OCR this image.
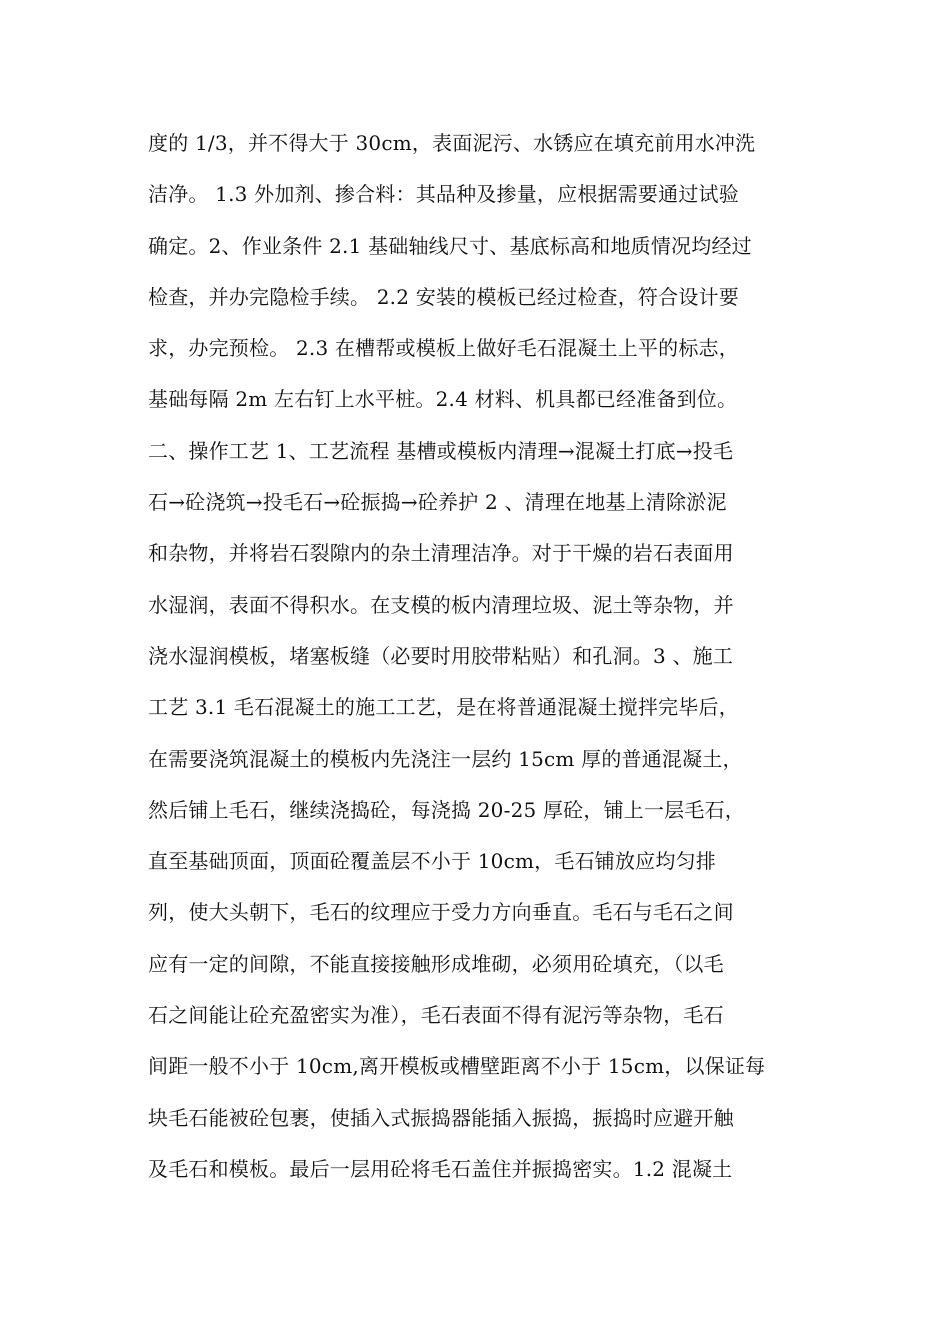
度的 1/3，并不得大于 30cm，表面泥污、水锈应在填充前用水冲洗
洁净。 1.3 外加剂、掺合料：其品种及掺量，应根据需要通过试验
确定。2、作业条件 2.1 基础轴线尺寸、基底标高和地质情况均经过
检查，并办完隐检手续。 2.2 安装的模板已经过检查，符合设计要
求，办完预检。 2.3 在槽帮或模板上做好毛石混凝土上平的标志，
基础每隔 2m 左右钉上水平桩。2.4 材料、机具都已经准备到位。
二、操作工艺 1、工艺流程 基槽或模板内清理→混凝土打底→投毛
石→砼浇筑→投毛石→砼振捣→砼养护 2 、清理在地基上清除淤泥
和杂物，并将岩石裂隙内的杂土清理洁净。对于干燥的岩石表面用
水湿润，表面不得积水。在支模的板内清理垃圾、泥土等杂物，并
浇水湿润模板，堵塞板缝（必要时用胶带粘贴）和孔洞。3 、施工
工艺 3.1 毛石混凝土的施工工艺，是在将普通混凝土搅拌完毕后，
在需要浇筑混凝土的模板内先浇注一层约 15cm 厚的普通混凝土，
然后铺上毛石，继续浇捣砼，每浇捣 20-25 厚砼，铺上一层毛石，
直至基础顶面，顶面砼覆盖层不小于 10cm，毛石铺放应均匀排
列，使大头朝下，毛石的纹理应于受力方向垂直。毛石与毛石之间
应有一定的间隙，不能直接接触形成堆砌，必须用砼填充，（以毛
石之间能让砼充盈密实为准），毛石表面不得有泥污等杂物，毛石
间距一般不小于 10cm,离开模板或槽壁距离不小于 15cm，以保证每
块毛石能被砼包裹，使插入式振捣器能插入振捣，振捣时应避开触
及毛石和模板。最后一层用砼将毛石盖住并振捣密实。1.2 混凝土
